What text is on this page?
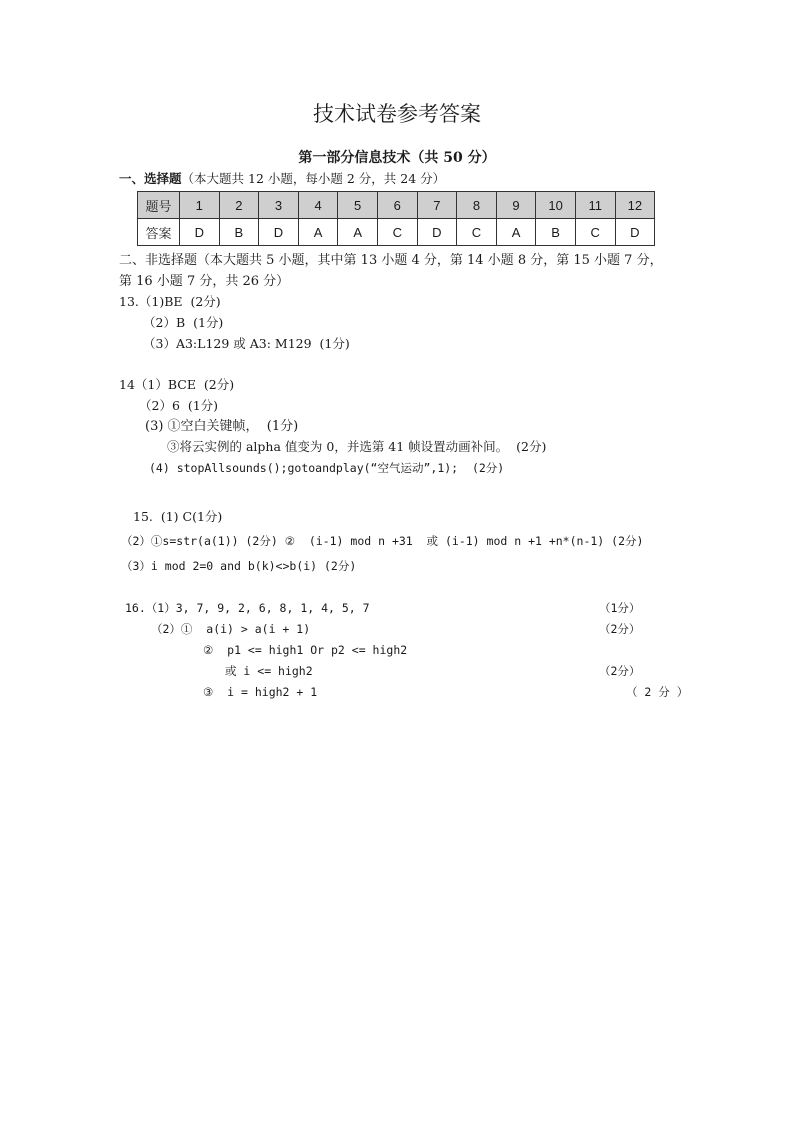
技术试卷参考答案
第一部分信息技术（共 50 分）
一、选择题（本大题共 12 小题，每小题 2 分，共 24 分）
题号	1	2	3	4	5	6	7	8	9	10	11	12
答案	D	B	D	A	A	C	D	C	A	B	C	D
二、非选择题（本大题共 5 小题，其中第 13 小题 4 分，第 14 小题 8 分，第 15 小题 7 分，
第 16 小题 7 分，共 26 分）
13.（1)BE  (2分)
（2）B  (1分)
（3）A3:L129 或 A3: M129  (1分)
14（1）BCE  (2分)
（2）6  (1分)
(3) ①空白关键帧，  (1分)
③将云实例的 alpha 值变为 0，并选第 41 帧设置动画补间。  (2分)
(4) stopAllsounds();gotoandplay(“空气运动”,1);  (2分)
15.  (1) C(1分)
（2）①s=str(a(1)) (2分) ②  (i-1) mod n +31  或 (i-1) mod n +1 +n*(n-1) (2分)
（3）i mod 2=0 and b(k)<>b(i) (2分)
16.（1）3, 7, 9, 2, 6, 8, 1, 4, 5, 7	（1分）
（2）①  a(i) > a(i + 1)	（2分）
②  p1 <= high1 Or p2 <= high2
或 i <= high2	（2分）
③  i = high2 + 1	（ 2 分 ）
